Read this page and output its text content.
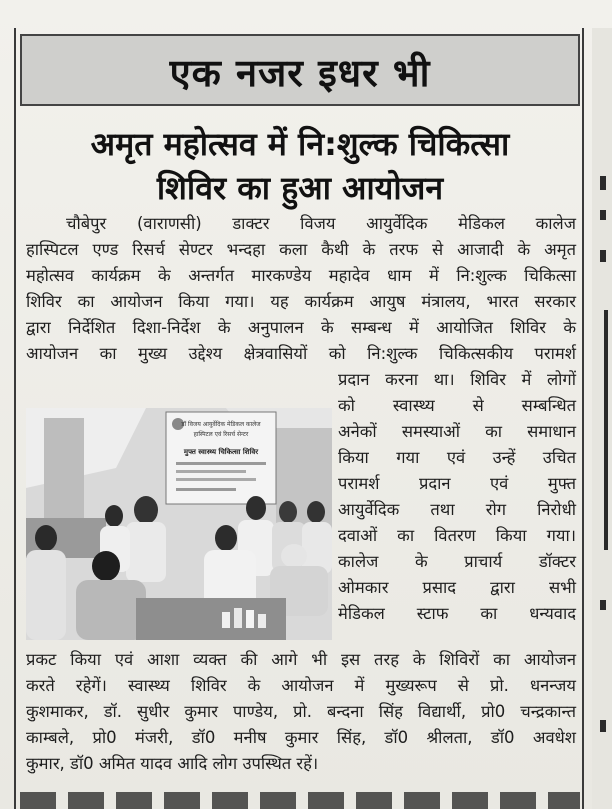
एक नजर इधर भी
अमृत महोत्सव में नि:शुल्क चिकित्सा
शिविर का हुआ आयोजन
चौबेपुर (वाराणसी) डाक्टर विजय आयुर्वेदिक मेडिकल कालेज
हास्पिटल एण्ड रिसर्च सेण्टर भन्दहा कला कैथी के तरफ से आजादी के अमृत
महोत्सव कार्यक्रम के अन्तर्गत मारकण्डेय महादेव धाम में नि:शुल्क चिकित्सा
शिविर का आयोजन किया गया। यह कार्यक्रम आयुष मंत्रालय, भारत सरकार
द्वारा निर्देशित दिशा-निर्देश के अनुपालन के सम्बन्ध में आयोजित शिविर के
आयोजन का मुख्य उद्देश्य क्षेत्रवासियों को नि:शुल्क चिकित्सकीय परामर्श
डॉ विजय आयुर्वेदिक मेडिकल कालेज
हास्पिटल एवं रिसर्च सेन्टर
मुफ्त स्वास्थ्य चिकित्सा शिविर
प्रदान करना था। शिविर में लोगों
को स्वास्थ्य से सम्बन्धित
अनेकों समस्याओं का समाधान
किया गया एवं उन्हें उचित
परामर्श प्रदान एवं मुफ्त
आयुर्वेदिक तथा रोग निरोधी
दवाओं का वितरण किया गया।
कालेज के प्राचार्य डॉक्टर
ओमकार प्रसाद द्वारा सभी
मेडिकल स्टाफ का धन्यवाद
प्रकट किया एवं आशा व्यक्त की आगे भी इस तरह के शिविरों का आयोजन
करते रहेगें। स्वास्थ्य शिविर के आयोजन में मुख्यरूप से प्रो. धनन्जय
कुशमाकर, डॉ. सुधीर कुमार पाण्डेय, प्रो. बन्दना सिंह विद्यार्थी, प्रो0 चन्द्रकान्त
काम्बले, प्रो0 मंजरी, डॉ0 मनीष कुमार सिंह, डॉ0 श्रीलता, डॉ0 अवधेश
कुमार, डॉ0 अमित यादव आदि लोग उपस्थित रहें।
